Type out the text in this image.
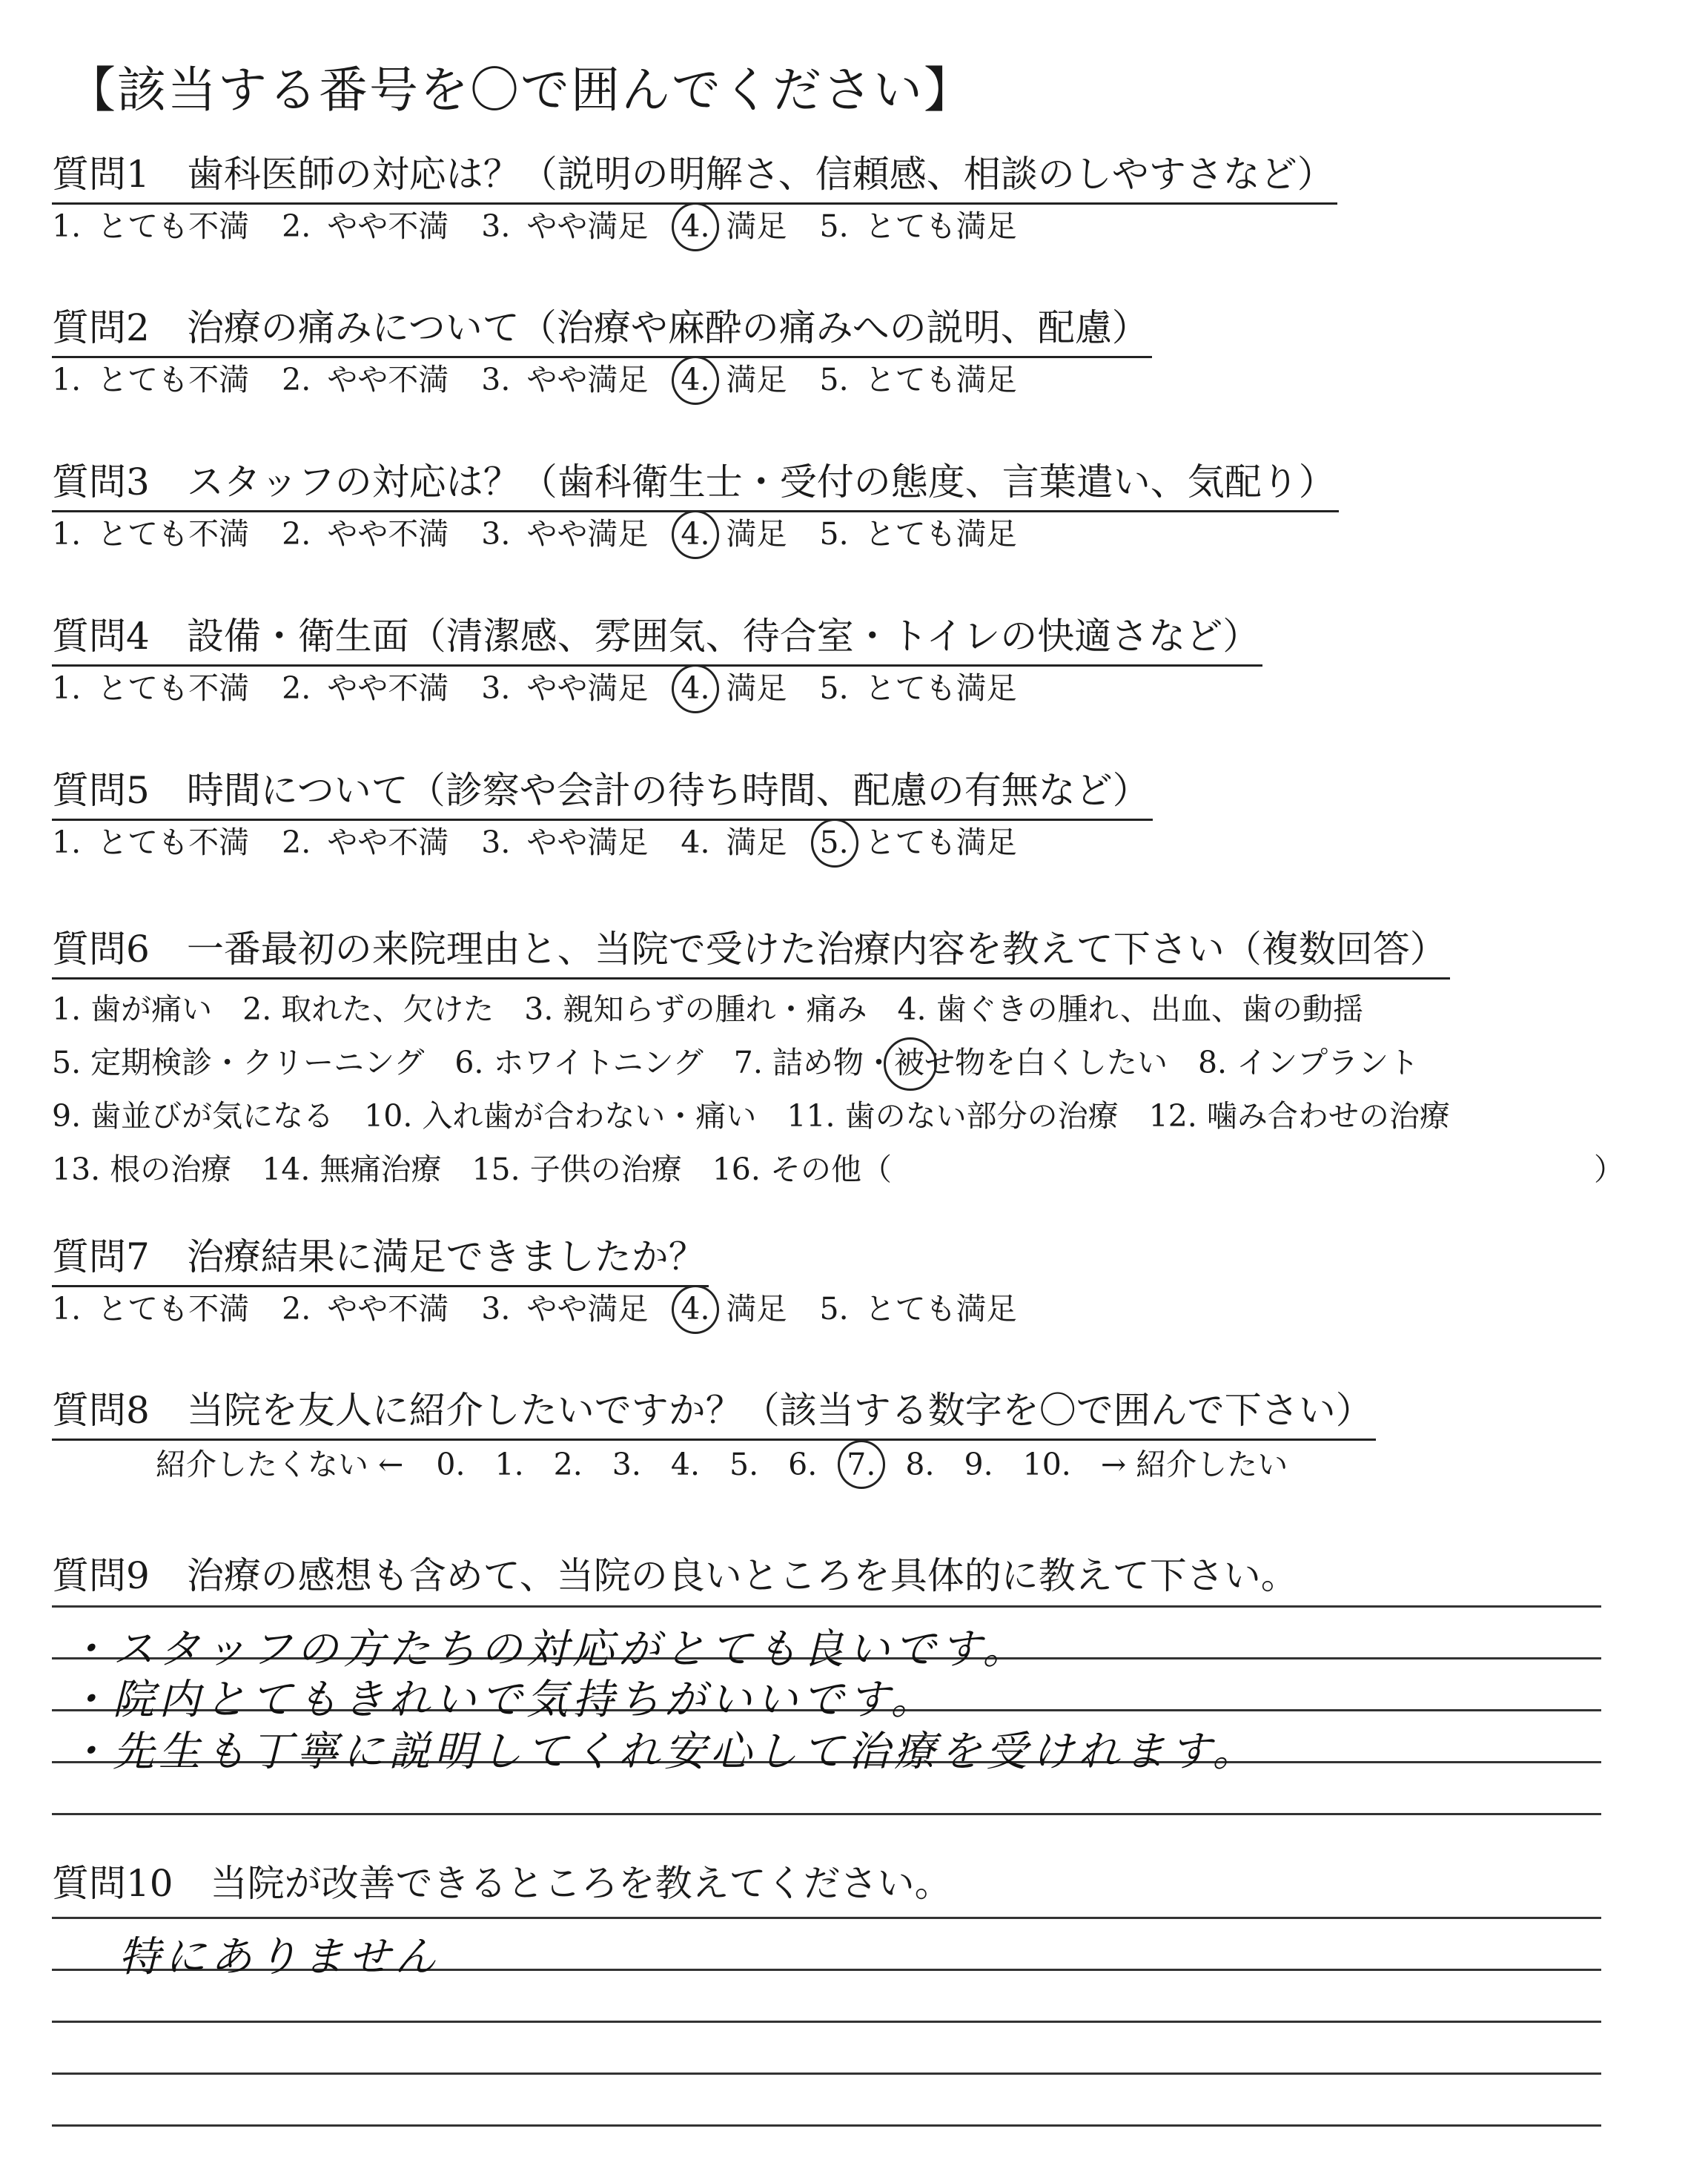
【該当する番号を〇で囲んでください】
質問1　 歯科医師の対応は？（説明の明解さ、信頼感、相談のしやすさなど）
1. とても不満 2. やや不満 3. やや満足 4. 満足 5. とても満足
質問2　 治療の痛みについて（治療や麻酔の痛みへの説明、配慮）
1. とても不満 2. やや不満 3. やや満足 4. 満足 5. とても満足
質問3　 スタッフの対応は？（歯科衛生士・受付の態度、言葉遣い、気配り）
1. とても不満 2. やや不満 3. やや満足 4. 満足 5. とても満足
質問4　 設備・衛生面（清潔感、雰囲気、待合室・トイレの快適さなど）
1. とても不満 2. やや不満 3. やや満足 4. 満足 5. とても満足
質問5　 時間について（診察や会計の待ち時間、配慮の有無など）
1. とても不満 2. やや不満 3. やや満足 4. 満足 5. とても満足
質問6　 一番最初の来院理由と、当院で受けた治療内容を教えて下さい（複数回答）
1. 歯が痛い　2. 取れた、欠けた　3. 親知らずの腫れ・痛み　4. 歯ぐきの腫れ、出血、歯の動揺
5. 定期検診・クリーニング　6. ホワイトニング　7. 詰め物・被せ物を白くしたい　8. インプラント
9. 歯並びが気になる　10. 入れ歯が合わない・痛い　11. 歯のない部分の治療　12. 噛み合わせの治療
13. 根の治療　14. 無痛治療　15. 子供の治療　16. その他（	）
質問7　 治療結果に満足できましたか？
1. とても不満 2. やや不満 3. やや満足 4. 満足 5. とても満足
質問8　 当院を友人に紹介したいですか？（該当する数字を〇で囲んで下さい）
紹介したくない ← 0. 1. 2. 3. 4. 5. 6. 7. 8. 9. 10. → 紹介したい
質問9　 治療の感想も含めて、当院の良いところを具体的に教えて下さい。
・スタッフの方たちの対応がとても良いです。
・院内とてもきれいで気持ちがいいです。
・先生も丁寧に説明してくれ安心して治療を受けれます。
質問10　 当院が改善できるところを教えてください。
特にありません
